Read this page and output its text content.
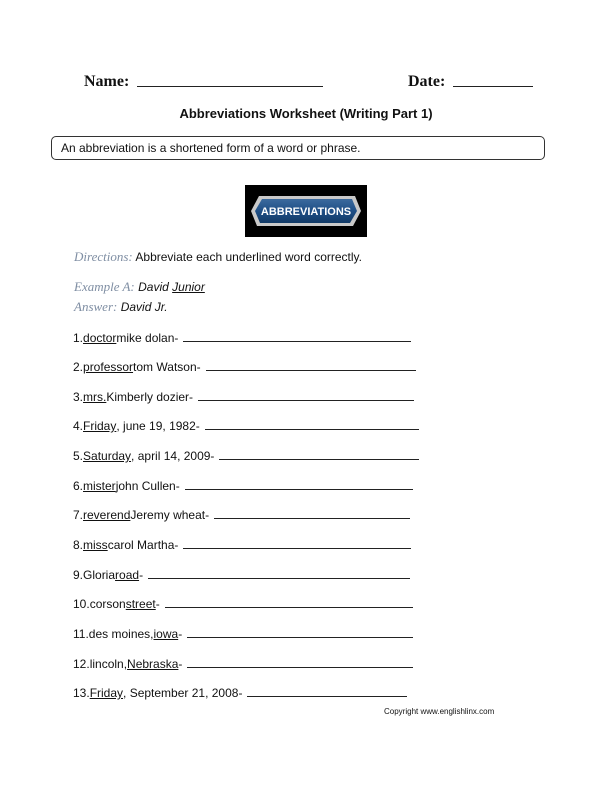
Name:	Date:
Abbreviations Worksheet (Writing Part 1)
An abbreviation is a shortened form of a word or phrase.
ABBREVIATIONS
Directions: Abbreviate each underlined word correctly.
Example A: David Junior
Answer: David Jr.
1. doctor mike dolan-
2. professor tom Watson-
3. mrs. Kimberly dozier-
4. Friday , june 19, 1982-
5. Saturday , april 14, 2009-
6. mister john Cullen-
7. reverend Jeremy wheat-
8. miss carol Martha-
9. Gloria road -
10. corson street -
11. des moines, iowa -
12. lincoln, Nebraska -
13. Friday , September 21, 2008-
Copyright www.englishlinx.com
